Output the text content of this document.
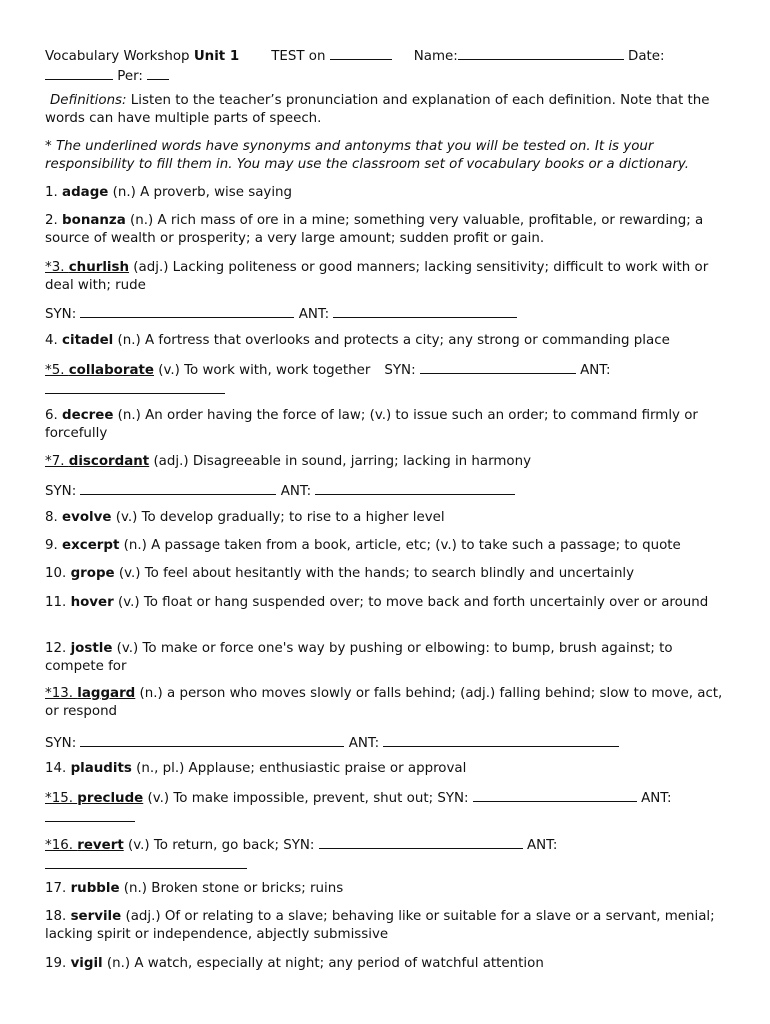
Vocabulary Workshop Unit 1 TEST on	Name:	Date:
Per:

Definitions: Listen to the teacher’s pronunciation and explanation of each definition. Note that the words can have multiple parts of speech.

* The underlined words have synonyms and antonyms that you will be tested on. It is your responsibility to fill them in. You may use the classroom set of vocabulary books or a dictionary.

1. adage (n.) A proverb, wise saying

2. bonanza (n.) A rich mass of ore in a mine; something very valuable, profitable, or rewarding; a source of wealth or prosperity; a very large amount; sudden profit or gain.

*3. churlish (adj.) Lacking politeness or good manners; lacking sensitivity; difficult to work with or deal with; rude

SYN:	ANT:

4. citadel (n.) A fortress that overlooks and protects a city; any strong or commanding place

*5. collaborate (v.) To work with, work together SYN:	ANT:

6. decree (n.) An order having the force of law; (v.) to issue such an order; to command firmly or forcefully

*7. discordant (adj.) Disagreeable in sound, jarring; lacking in harmony

SYN:	ANT:

8. evolve (v.) To develop gradually; to rise to a higher level

9. excerpt (n.) A passage taken from a book, article, etc; (v.) to take such a passage; to quote

10. grope (v.) To feel about hesitantly with the hands; to search blindly and uncertainly

11. hover (v.) To float or hang suspended over; to move back and forth uncertainly over or around

12. jostle (v.) To make or force one's way by pushing or elbowing: to bump, brush against; to compete for

*13. laggard (n.) a person who moves slowly or falls behind; (adj.) falling behind; slow to move, act, or respond

SYN:	ANT:

14. plaudits (n., pl.) Applause; enthusiastic praise or approval

*15. preclude (v.) To make impossible, prevent, shut out; SYN:	ANT:

*16. revert (v.) To return, go back; SYN:	ANT:

17. rubble (n.) Broken stone or bricks; ruins

18. servile (adj.) Of or relating to a slave; behaving like or suitable for a slave or a servant, menial; lacking spirit or independence, abjectly submissive

19. vigil (n.) A watch, especially at night; any period of watchful attention
